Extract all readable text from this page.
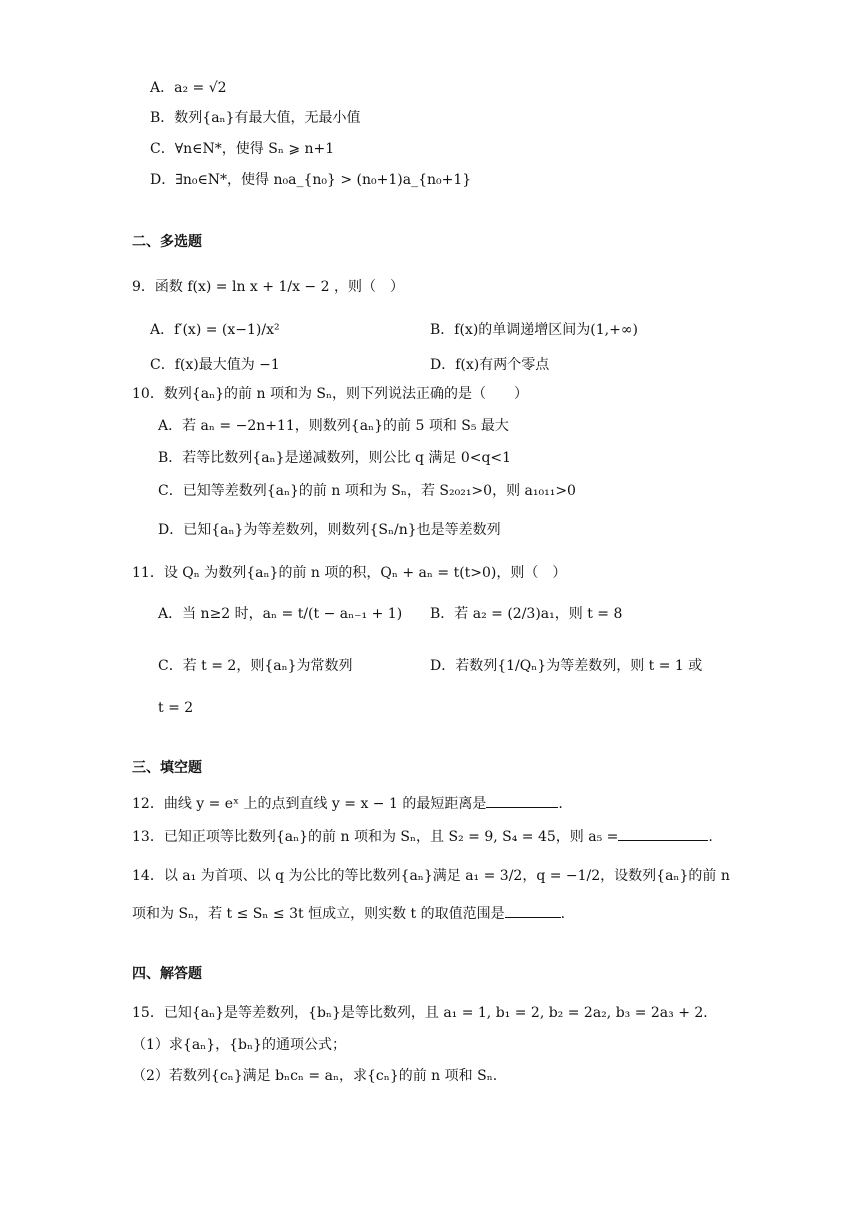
A．a₂ = √2
B．数列{aₙ}有最大值，无最小值
C．∀n∈N*，使得 Sₙ ⩾ n+1
D．∃n₀∈N*，使得 n₀a_{n₀} > (n₀+1)a_{n₀+1}
二、多选题
9．函数 f(x) = ln x + 1/x − 2 ，则（　）
A．f′(x) = (x−1)/x²	B．f(x)的单调递增区间为(1,+∞)
C．f(x)最大值为 −1	D．f(x)有两个零点
10．数列{aₙ}的前 n 项和为 Sₙ，则下列说法正确的是（　　）
A．若 aₙ = −2n+11，则数列{aₙ}的前 5 项和 S₅ 最大
B．若等比数列{aₙ}是递减数列，则公比 q 满足 0<q<1
C．已知等差数列{aₙ}的前 n 项和为 Sₙ，若 S₂₀₂₁>0，则 a₁₀₁₁>0
D．已知{aₙ}为等差数列，则数列{Sₙ/n}也是等差数列
11．设 Qₙ 为数列{aₙ}的前 n 项的积，Qₙ + aₙ = t(t>0)，则（　）
A．当 n≥2 时，aₙ = t/(t − aₙ₋₁ + 1) B．若 a₂ = (2/3)a₁，则 t = 8
C．若 t = 2，则{aₙ}为常数列	D．若数列{1/Qₙ}为等差数列，则 t = 1 或
t = 2
三、填空题
12．曲线 y = eˣ 上的点到直线 y = x − 1 的最短距离是	.
13．已知正项等比数列{aₙ}的前 n 项和为 Sₙ，且 S₂ = 9, S₄ = 45，则 a₅ =	.
14．以 a₁ 为首项、以 q 为公比的等比数列{aₙ}满足 a₁ = 3/2，q = −1/2，设数列{aₙ}的前 n
项和为 Sₙ，若 t ≤ Sₙ ≤ 3t 恒成立，则实数 t 的取值范围是	.
四、解答题
15．已知{aₙ}是等差数列，{bₙ}是等比数列，且 a₁ = 1, b₁ = 2, b₂ = 2a₂, b₃ = 2a₃ + 2．
（1）求{aₙ}，{bₙ}的通项公式；
（2）若数列{cₙ}满足 bₙcₙ = aₙ，求{cₙ}的前 n 项和 Sₙ.
